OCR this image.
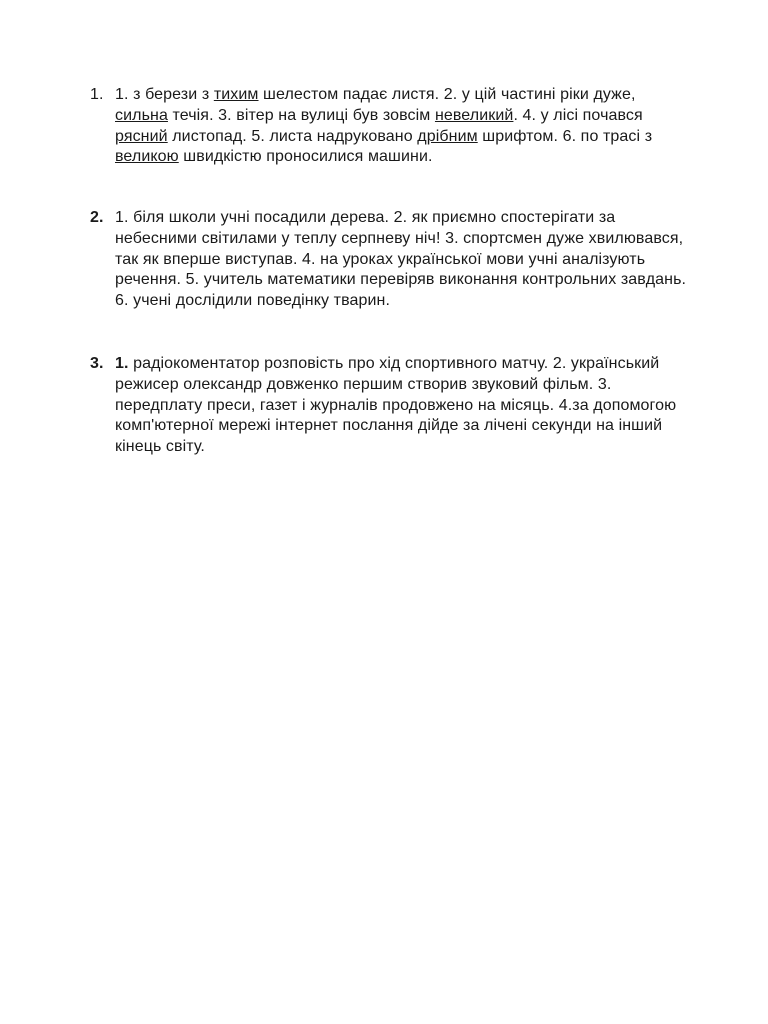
1. 1. з берези з тихим шелестом падає листя. 2. у цій частині ріки дуже, сильна течія. 3. вітер на вулиці був зовсім невеликий. 4. у лісі почався рясний листопад. 5. листа надруковано дрібним шрифтом. 6. по трасі з великою швидкістю проносилися машини.
2. 1. біля школи учні посадили дерева. 2. як приємно спостерігати за небесними світилами у теплу серпневу ніч! 3. спортсмен дуже хвилювався, так як вперше виступав. 4. на уроках української мови учні аналізують речення. 5. учитель математики перевіряв виконання контрольних завдань. 6. учені дослідили поведінку тварин.
3. 1. радіокоментатор розповість про хід спортивного матчу. 2. український режисер олександр довженко першим створив звуковий фільм. 3. передплату преси, газет і журналів продовжено на місяць. 4.за допомогою комп'ютерної мережі інтернет послання дійде за лічені секунди на інший кінець світу.
